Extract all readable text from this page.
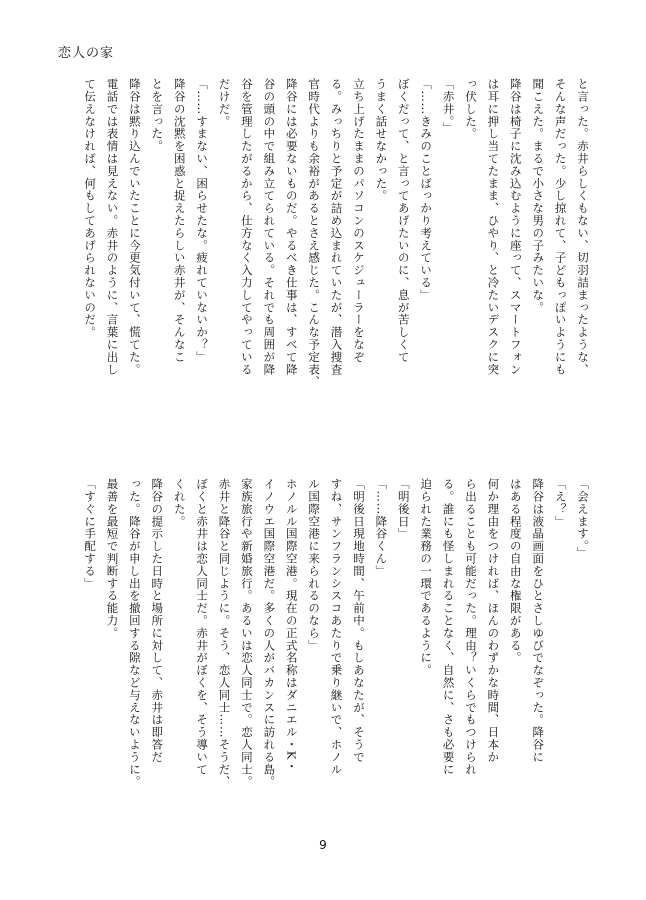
恋人の家
と言った。赤井らしくもない、切羽詰まったような、
そんな声だった。少し掠れて、子どもっぽいようにも
聞こえた。まるで小さな男の子みたいな。
降谷は椅子に沈み込むように座って、スマートフォン
は耳に押し当てたまま、ひやり、と冷たいデスクに突
っ伏した。
「赤井。」
「……きみのことばっかり考えている」
ぼくだって、と言ってあげたいのに、息が苦しくて
うまく話せなかった。
立ち上げたままのパソコンのスケジューラーをなぞ
る。みっちりと予定が詰め込まれていたが、潜入捜査
官時代よりも余裕があるとさえ感じた。こんな予定表、
降谷には必要ないものだ。やるべき仕事は、すべて降
谷の頭の中で組み立てられている。それでも周囲が降
谷を管理したがるから、仕方なく入力してやっている
だけだ。
「……すまない、困らせたな。疲れていないか？」
降谷の沈黙を困惑と捉えたらしい赤井が、そんなこ
とを言った。
降谷は黙り込んでいたことに今更気付いて、慌てた。
電話では表情は見えない。赤井のように、言葉に出し
て伝えなければ、何もしてあげられないのだ。
「会えます。」
「え？」
降谷は液晶画面をひとさしゆびでなぞった。降谷に
はある程度の自由な権限がある。
何か理由をつければ、ほんのわずかな時間、日本か
ら出ることも可能だった。理由？いくらでもつけられ
る。誰にも怪しまれることなく、自然に、さも必要に
迫られた業務の一環であるように。
「明後日」
「……降谷くん」
「明後日現地時間、午前中。もしあなたが、そうで
すね、サンフランシスコあたりで乗り継いで、ホノル
ル国際空港に来られるのなら」
ホノルル国際空港。現在の正式名称はダニエル・K・
イノウエ国際空港だ。多くの人がバカンスに訪れる島。
家族旅行や新婚旅行。あるいは恋人同士で。恋人同士。
赤井と降谷と同じように。そう、恋人同士……そうだ、
ぼくと赤井は恋人同士だ。赤井がぼくを、そう導いて
くれた。
降谷の提示した日時と場所に対して、赤井は即答だ
った。降谷が申し出を撤回する隙など与えないように。
最善を最短で判断する能力。
「すぐに手配する」
9
